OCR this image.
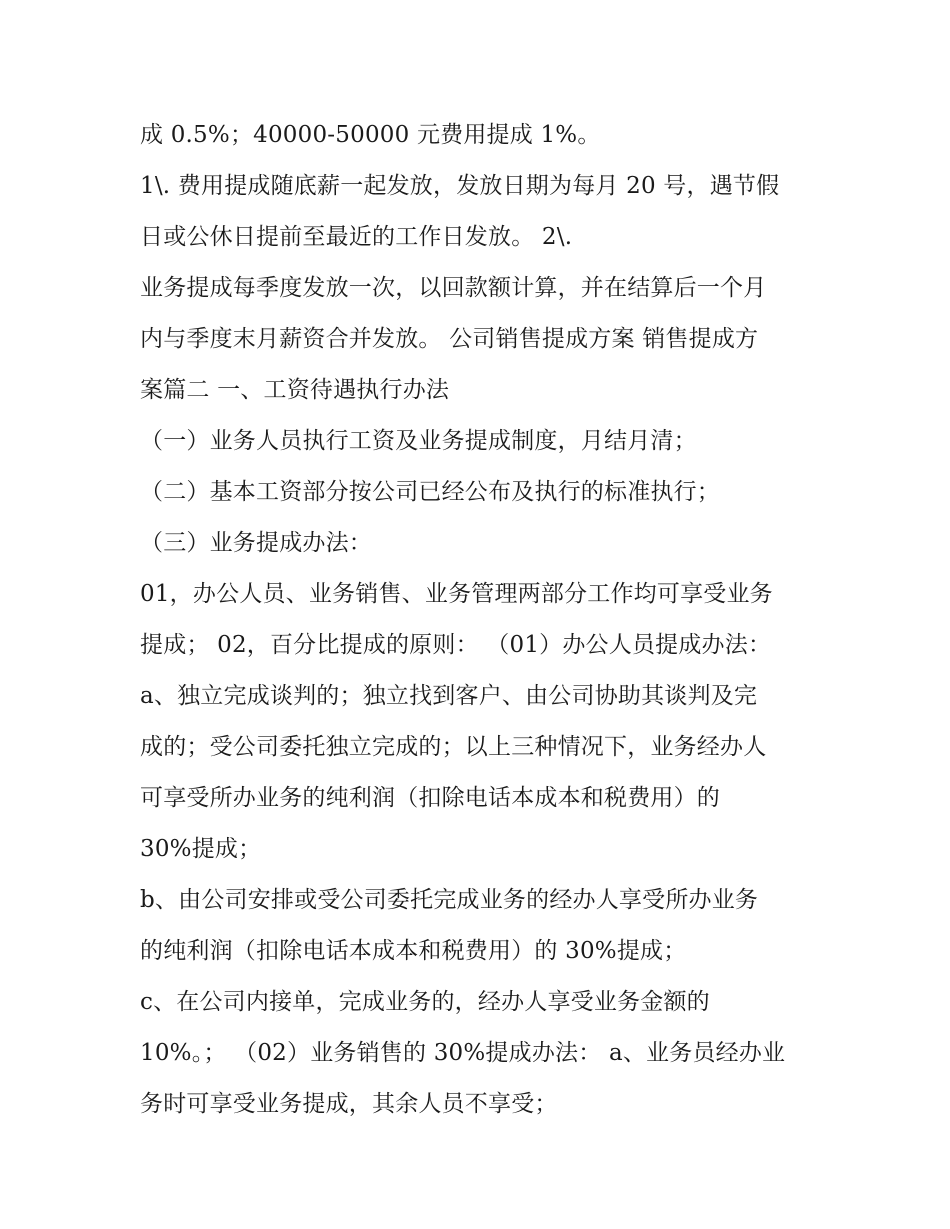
成 0.5%；40000-50000 元费用提成 1%。
1\. 费用提成随底薪一起发放，发放日期为每月 20 号，遇节假
日或公休日提前至最近的工作日发放。 2\.
业务提成每季度发放一次，以回款额计算，并在结算后一个月
内与季度末月薪资合并发放。 公司销售提成方案 销售提成方
案篇二 一、工资待遇执行办法
（一）业务人员执行工资及业务提成制度，月结月清；
（二）基本工资部分按公司已经公布及执行的标准执行；
（三）业务提成办法：
01，办公人员、业务销售、业务管理两部分工作均可享受业务
提成； 02，百分比提成的原则： （01）办公人员提成办法：
a、独立完成谈判的；独立找到客户、由公司协助其谈判及完
成的；受公司委托独立完成的；以上三种情况下，业务经办人
可享受所办业务的纯利润（扣除电话本成本和税费用）的
30%提成；
b、由公司安排或受公司委托完成业务的经办人享受所办业务
的纯利润（扣除电话本成本和税费用）的 30%提成；
c、在公司内接单，完成业务的，经办人享受业务金额的
10%。； （02）业务销售的 30%提成办法： a、业务员经办业
务时可享受业务提成，其余人员不享受；
